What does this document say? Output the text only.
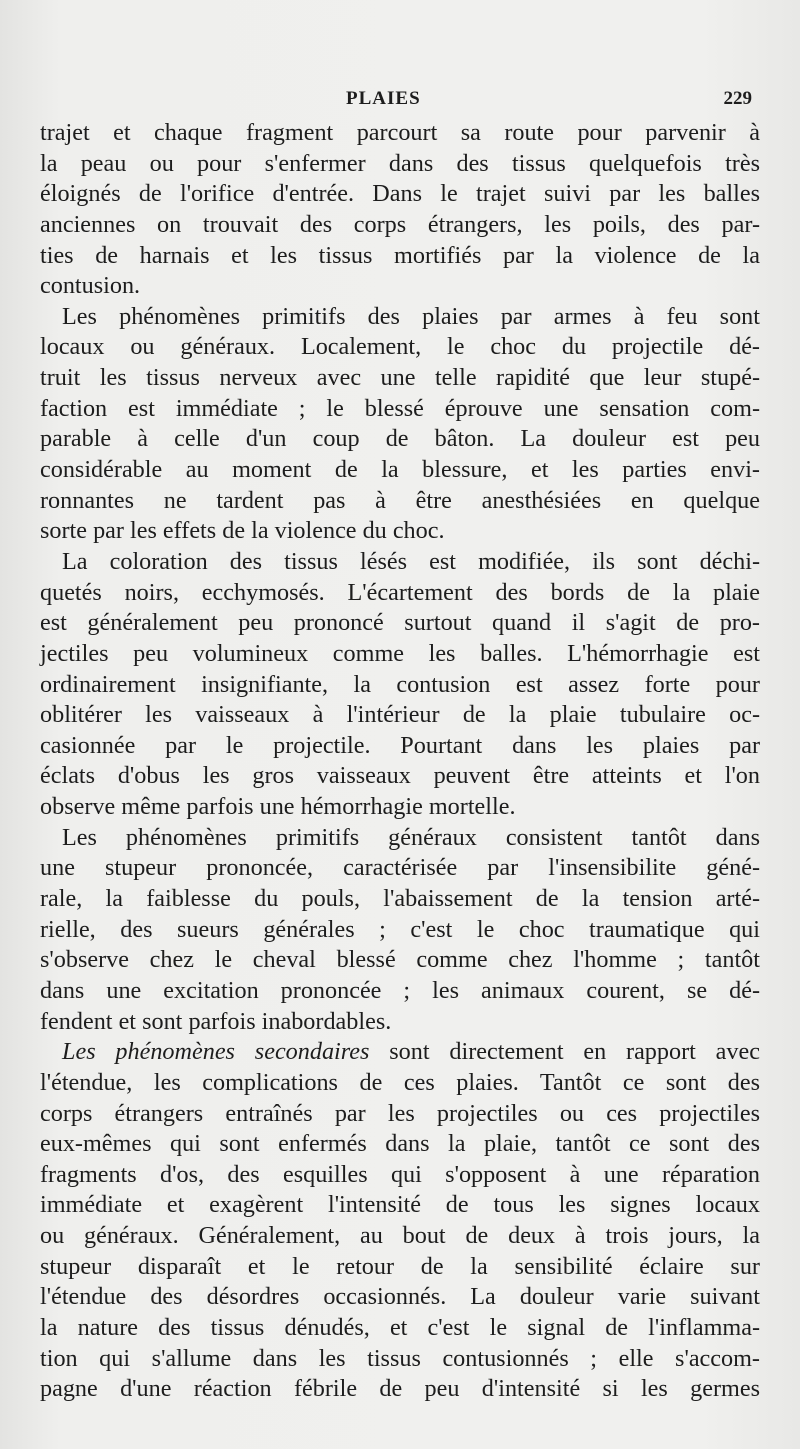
PLAIES	229
trajet et chaque fragment parcourt sa route pour parvenir à
la peau ou pour s'enfermer dans des tissus quelquefois très
éloignés de l'orifice d'entrée. Dans le trajet suivi par les balles
anciennes on trouvait des corps étrangers, les poils, des par-
ties de harnais et les tissus mortifiés par la violence de la
contusion.
Les phénomènes primitifs des plaies par armes à feu sont
locaux ou généraux. Localement, le choc du projectile dé-
truit les tissus nerveux avec une telle rapidité que leur stupé-
faction est immédiate ; le blessé éprouve une sensation com-
parable à celle d'un coup de bâton. La douleur est peu
considérable au moment de la blessure, et les parties envi-
ronnantes ne tardent pas à être anesthésiées en quelque
sorte par les effets de la violence du choc.
La coloration des tissus lésés est modifiée, ils sont déchi-
quetés noirs, ecchymosés. L'écartement des bords de la plaie
est généralement peu prononcé surtout quand il s'agit de pro-
jectiles peu volumineux comme les balles. L'hémorrhagie est
ordinairement insignifiante, la contusion est assez forte pour
oblitérer les vaisseaux à l'intérieur de la plaie tubulaire oc-
casionnée par le projectile. Pourtant dans les plaies par
éclats d'obus les gros vaisseaux peuvent être atteints et l'on
observe même parfois une hémorrhagie mortelle.
Les phénomènes primitifs généraux consistent tantôt dans
une stupeur prononcée, caractérisée par l'insensibilite géné-
rale, la faiblesse du pouls, l'abaissement de la tension arté-
rielle, des sueurs générales ; c'est le choc traumatique qui
s'observe chez le cheval blessé comme chez l'homme ; tantôt
dans une excitation prononcée ; les animaux courent, se dé-
fendent et sont parfois inabordables.
Les phénomènes secondaires sont directement en rapport avec
l'étendue, les complications de ces plaies. Tantôt ce sont des
corps étrangers entraînés par les projectiles ou ces projectiles
eux-mêmes qui sont enfermés dans la plaie, tantôt ce sont des
fragments d'os, des esquilles qui s'opposent à une réparation
immédiate et exagèrent l'intensité de tous les signes locaux
ou généraux. Généralement, au bout de deux à trois jours, la
stupeur disparaît et le retour de la sensibilité éclaire sur
l'étendue des désordres occasionnés. La douleur varie suivant
la nature des tissus dénudés, et c'est le signal de l'inflamma-
tion qui s'allume dans les tissus contusionnés ; elle s'accom-
pagne d'une réaction fébrile de peu d'intensité si les germes
